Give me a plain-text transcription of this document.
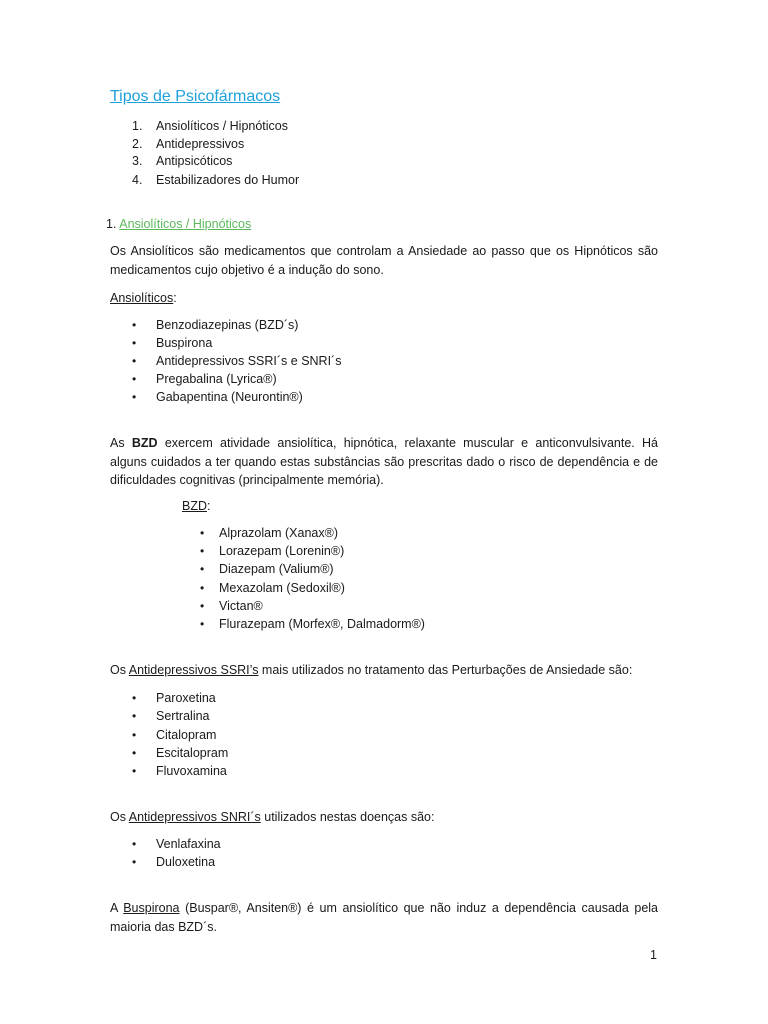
Tipos de Psicofármacos
1. Ansiolíticos / Hipnóticos
2. Antidepressivos
3. Antipsicóticos
4. Estabilizadores do Humor
1. Ansiolíticos / Hipnóticos
Os Ansiolíticos são medicamentos que controlam a Ansiedade ao passo que os Hipnóticos são medicamentos cujo objetivo é a indução do sono.
Ansiolíticos:
• Benzodiazepinas (BZD´s)
• Buspirona
• Antidepressivos SSRI´s e SNRI´s
• Pregabalina (Lyrica®)
• Gabapentina (Neurontin®)
As BZD exercem atividade ansiolítica, hipnótica, relaxante muscular e anticonvulsivante. Há alguns cuidados a ter quando estas substâncias são prescritas dado o risco de dependência e de dificuldades cognitivas (principalmente memória).
BZD:
• Alprazolam (Xanax®)
• Lorazepam (Lorenin®)
• Diazepam (Valium®)
• Mexazolam (Sedoxil®)
• Victan®
• Flurazepam (Morfex®, Dalmadorm®)
Os Antidepressivos SSRI’s mais utilizados no tratamento das Perturbações de Ansiedade são:
• Paroxetina
• Sertralina
• Citalopram
• Escitalopram
• Fluvoxamina
Os Antidepressivos SNRI´s utilizados nestas doenças são:
• Venlafaxina
• Duloxetina
A Buspirona (Buspar®, Ansiten®) é um ansiolítico que não induz a dependência causada pela maioria das BZD´s.
1
